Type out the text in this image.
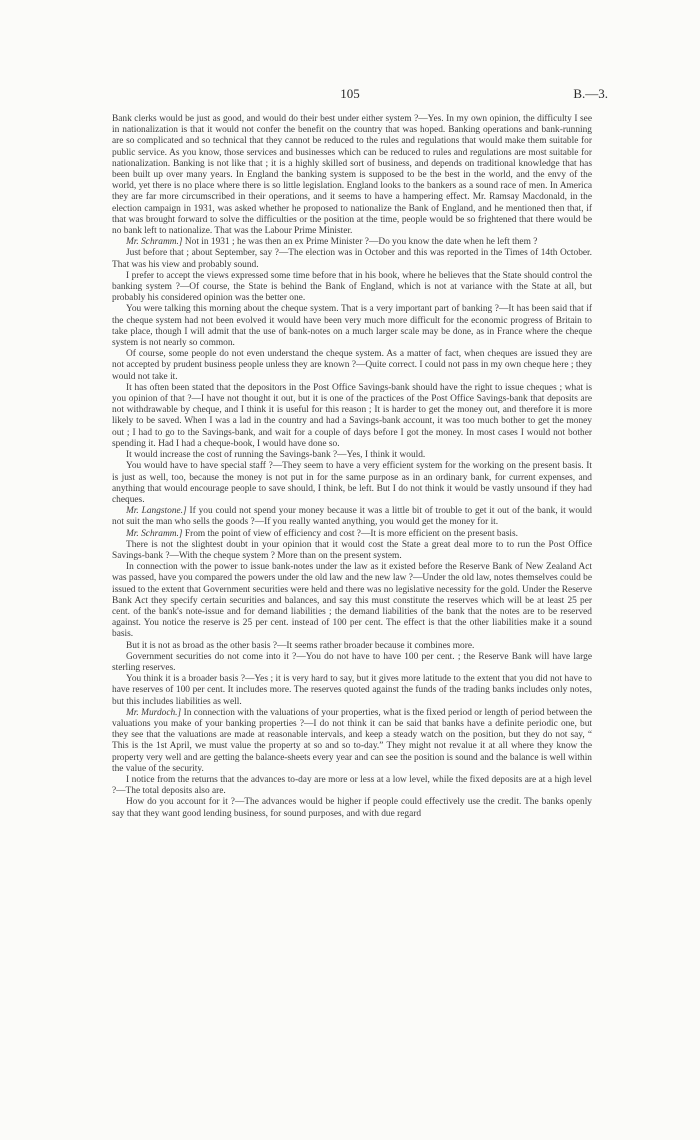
105	B.—3.

Bank clerks would be just as good, and would do their best under either system ?—Yes. In my own opinion, the difficulty I see in nationalization is that it would not confer the benefit on the country that was hoped. Banking operations and bank-running are so complicated and so technical that they cannot be reduced to the rules and regulations that would make them suitable for public service. As you know, those services and businesses which can be reduced to rules and regulations are most suitable for nationalization. Banking is not like that ; it is a highly skilled sort of business, and depends on traditional knowledge that has been built up over many years. In England the banking system is supposed to be the best in the world, and the envy of the world, yet there is no place where there is so little legislation. England looks to the bankers as a sound race of men. In America they are far more circumscribed in their operations, and it seems to have a hampering effect. Mr. Ramsay Macdonald, in the election campaign in 1931, was asked whether he proposed to nationalize the Bank of England, and he mentioned then that, if that was brought forward to solve the difficulties or the position at the time, people would be so frightened that there would be no bank left to nationalize. That was the Labour Prime Minister.

Mr. Schramm.] Not in 1931 ; he was then an ex Prime Minister ?—Do you know the date when he left them ?

Just before that ; about September, say ?—The election was in October and this was reported in the Times of 14th October. That was his view and probably sound.

I prefer to accept the views expressed some time before that in his book, where he believes that the State should control the banking system ?—Of course, the State is behind the Bank of England, which is not at variance with the State at all, but probably his considered opinion was the better one.

You were talking this morning about the cheque system. That is a very important part of banking ?—It has been said that if the cheque system had not been evolved it would have been very much more difficult for the economic progress of Britain to take place, though I will admit that the use of bank-notes on a much larger scale may be done, as in France where the cheque system is not nearly so common.

Of course, some people do not even understand the cheque system. As a matter of fact, when cheques are issued they are not accepted by prudent business people unless they are known ?—Quite correct. I could not pass in my own cheque here ; they would not take it.

It has often been stated that the depositors in the Post Office Savings-bank should have the right to issue cheques ; what is you opinion of that ?—I have not thought it out, but it is one of the practices of the Post Office Savings-bank that deposits are not withdrawable by cheque, and I think it is useful for this reason ; It is harder to get the money out, and therefore it is more likely to be saved. When I was a lad in the country and had a Savings-bank account, it was too much bother to get the money out ; I had to go to the Savings-bank, and wait for a couple of days before I got the money. In most cases I would not bother spending it. Had I had a cheque-book, I would have done so.

It would increase the cost of running the Savings-bank ?—Yes, I think it would.

You would have to have special staff ?—They seem to have a very efficient system for the working on the present basis. It is just as well, too, because the money is not put in for the same purpose as in an ordinary bank, for current expenses, and anything that would encourage people to save should, I think, be left. But I do not think it would be vastly unsound if they had cheques.

Mr. Langstone.] If you could not spend your money because it was a little bit of trouble to get it out of the bank, it would not suit the man who sells the goods ?—If you really wanted anything, you would get the money for it.

Mr. Schramm.] From the point of view of efficiency and cost ?—It is more efficient on the present basis.

There is not the slightest doubt in your opinion that it would cost the State a great deal more to to run the Post Office Savings-bank ?—With the cheque system ? More than on the present system.

In connection with the power to issue bank-notes under the law as it existed before the Reserve Bank of New Zealand Act was passed, have you compared the powers under the old law and the new law ?—Under the old law, notes themselves could be issued to the extent that Government securities were held and there was no legislative necessity for the gold. Under the Reserve Bank Act they specify certain securities and balances, and say this must constitute the reserves which will be at least 25 per cent. of the bank's note-issue and for demand liabilities ; the demand liabilities of the bank that the notes are to be reserved against. You notice the reserve is 25 per cent. instead of 100 per cent. The effect is that the other liabilities make it a sound basis.

But it is not as broad as the other basis ?—It seems rather broader because it combines more.

Government securities do not come into it ?—You do not have to have 100 per cent. ; the Reserve Bank will have large sterling reserves.

You think it is a broader basis ?—Yes ; it is very hard to say, but it gives more latitude to the extent that you did not have to have reserves of 100 per cent. It includes more. The reserves quoted against the funds of the trading banks includes only notes, but this includes liabilities as well.

Mr. Murdoch.] In connection with the valuations of your properties, what is the fixed period or length of period between the valuations you make of your banking properties ?—I do not think it can be said that banks have a definite periodic one, but they see that the valuations are made at reasonable intervals, and keep a steady watch on the position, but they do not say, “ This is the 1st April, we must value the property at so and so to-day.” They might not revalue it at all where they know the property very well and are getting the balance-sheets every year and can see the position is sound and the balance is well within the value of the security.

I notice from the returns that the advances to-day are more or less at a low level, while the fixed deposits are at a high level ?—The total deposits also are.

How do you account for it ?—The advances would be higher if people could effectively use the credit. The banks openly say that they want good lending business, for sound purposes, and with due regard
